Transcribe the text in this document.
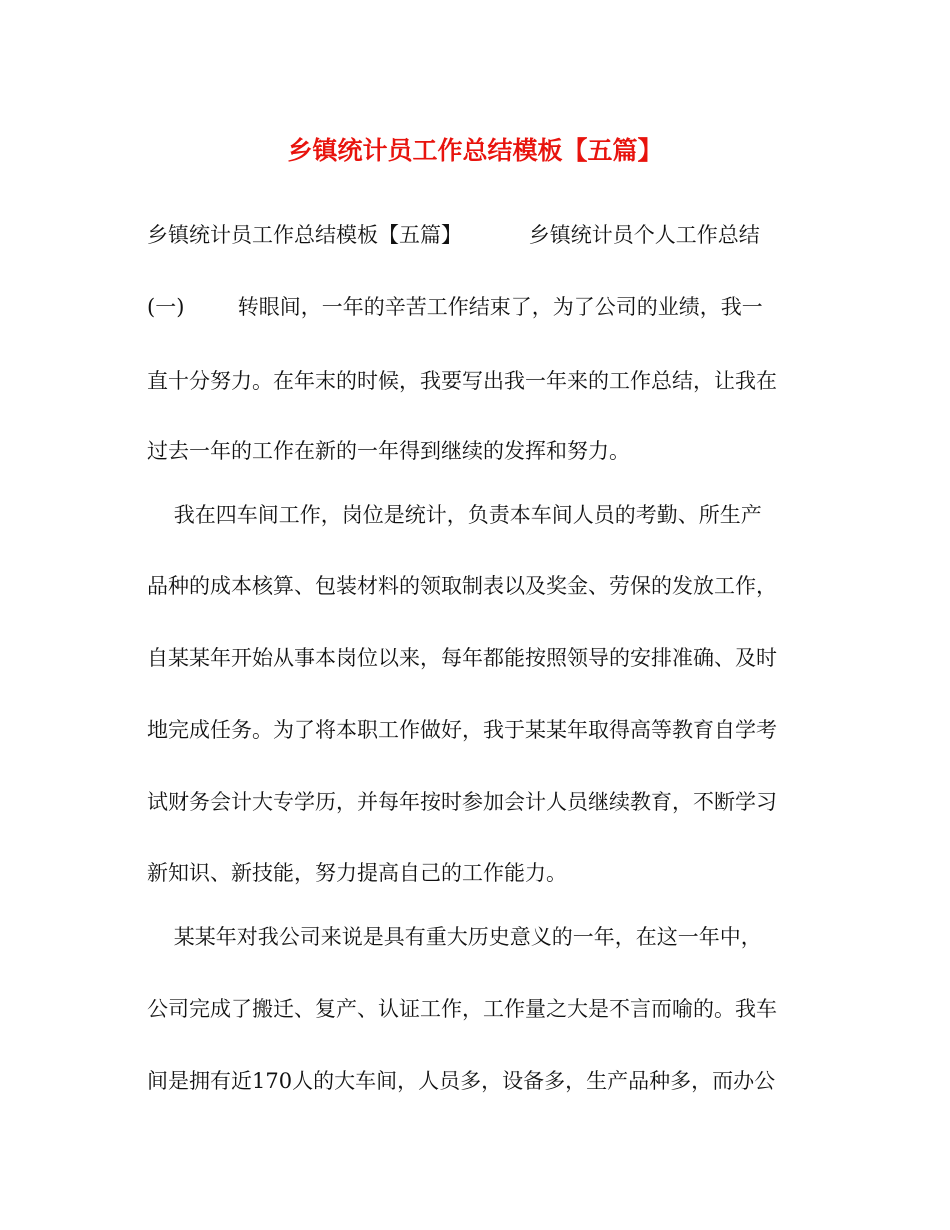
乡镇统计员工作总结模板【五篇】

乡镇统计员工作总结模板【五篇】          乡镇统计员个人工作总结

(一)        转眼间，一年的辛苦工作结束了，为了公司的业绩，我一

直十分努力。在年末的时候，我要写出我一年来的工作总结，让我在

过去一年的工作在新的一年得到继续的发挥和努力。

我在四车间工作，岗位是统计，负责本车间人员的考勤、所生产

品种的成本核算、包装材料的领取制表以及奖金、劳保的发放工作，

自某某年开始从事本岗位以来，每年都能按照领导的安排准确、及时

地完成任务。为了将本职工作做好，我于某某年取得高等教育自学考

试财务会计大专学历，并每年按时参加会计人员继续教育，不断学习

新知识、新技能，努力提高自己的工作能力。

某某年对我公司来说是具有重大历史意义的一年，在这一年中，

公司完成了搬迁、复产、认证工作，工作量之大是不言而喻的。我车

间是拥有近170人的大车间，人员多，设备多，生产品种多，而办公
